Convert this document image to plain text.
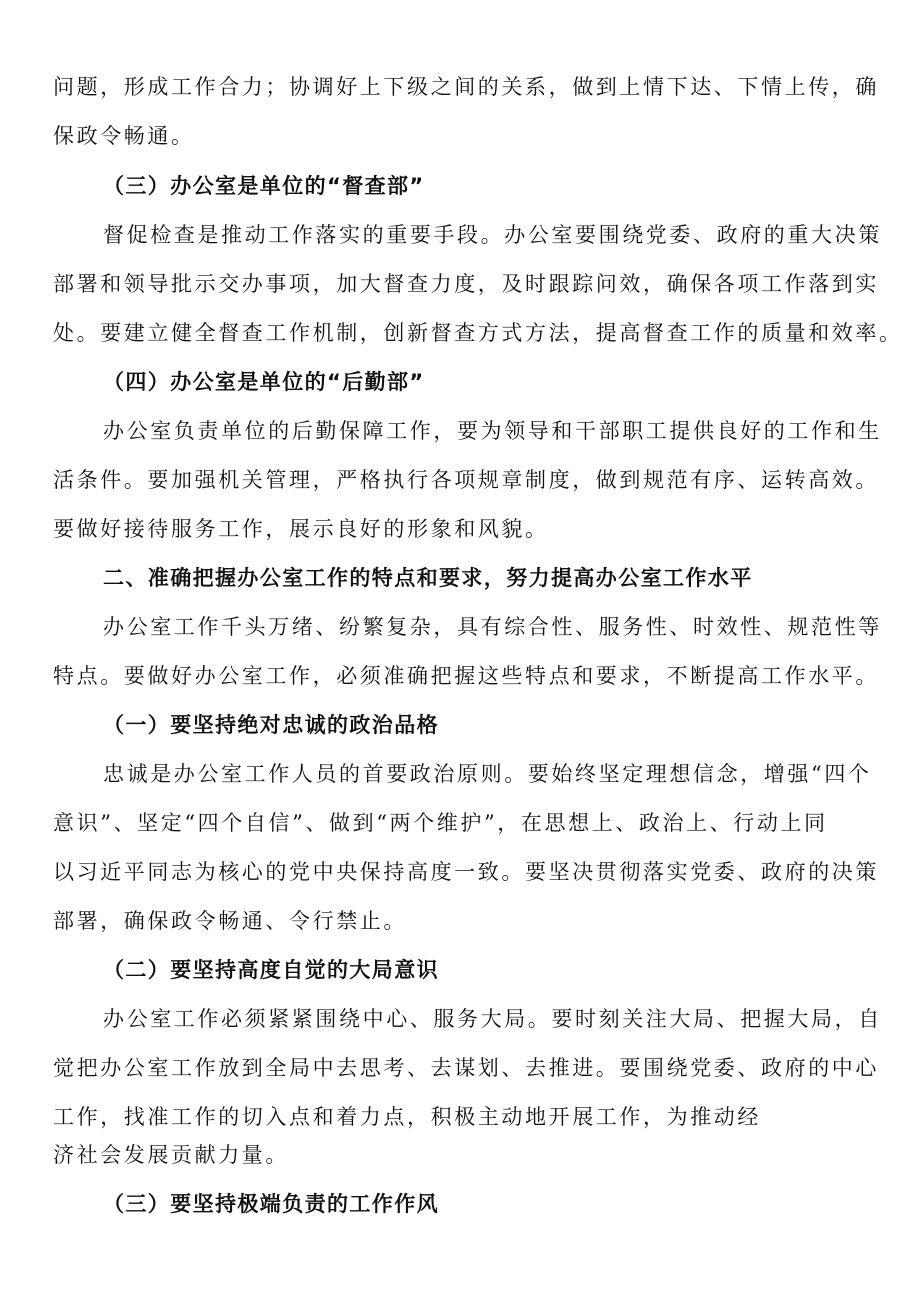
问题，形成工作合力；协调好上下级之间的关系，做到上情下达、下情上传，确
保政令畅通。
（三）办公室是单位的“督查部”
督促检查是推动工作落实的重要手段。办公室要围绕党委、政府的重大决策
部署和领导批示交办事项，加大督查力度，及时跟踪问效，确保各项工作落到实
处。要建立健全督查工作机制，创新督查方式方法，提高督查工作的质量和效率。
（四）办公室是单位的“后勤部”
办公室负责单位的后勤保障工作，要为领导和干部职工提供良好的工作和生
活条件。要加强机关管理，严格执行各项规章制度，做到规范有序、运转高效。
要做好接待服务工作，展示良好的形象和风貌。
二、准确把握办公室工作的特点和要求，努力提高办公室工作水平
办公室工作千头万绪、纷繁复杂，具有综合性、服务性、时效性、规范性等
特点。要做好办公室工作，必须准确把握这些特点和要求，不断提高工作水平。
（一）要坚持绝对忠诚的政治品格
忠诚是办公室工作人员的首要政治原则。要始终坚定理想信念，增强“四个
意识”、坚定“四个自信”、做到“两个维护”，在思想上、政治上、行动上同
以习近平同志为核心的党中央保持高度一致。要坚决贯彻落实党委、政府的决策
部署，确保政令畅通、令行禁止。
（二）要坚持高度自觉的大局意识
办公室工作必须紧紧围绕中心、服务大局。要时刻关注大局、把握大局，自
觉把办公室工作放到全局中去思考、去谋划、去推进。要围绕党委、政府的中心
工作，找准工作的切入点和着力点，积极主动地开展工作，为推动经
济社会发展贡献力量。
（三）要坚持极端负责的工作作风
